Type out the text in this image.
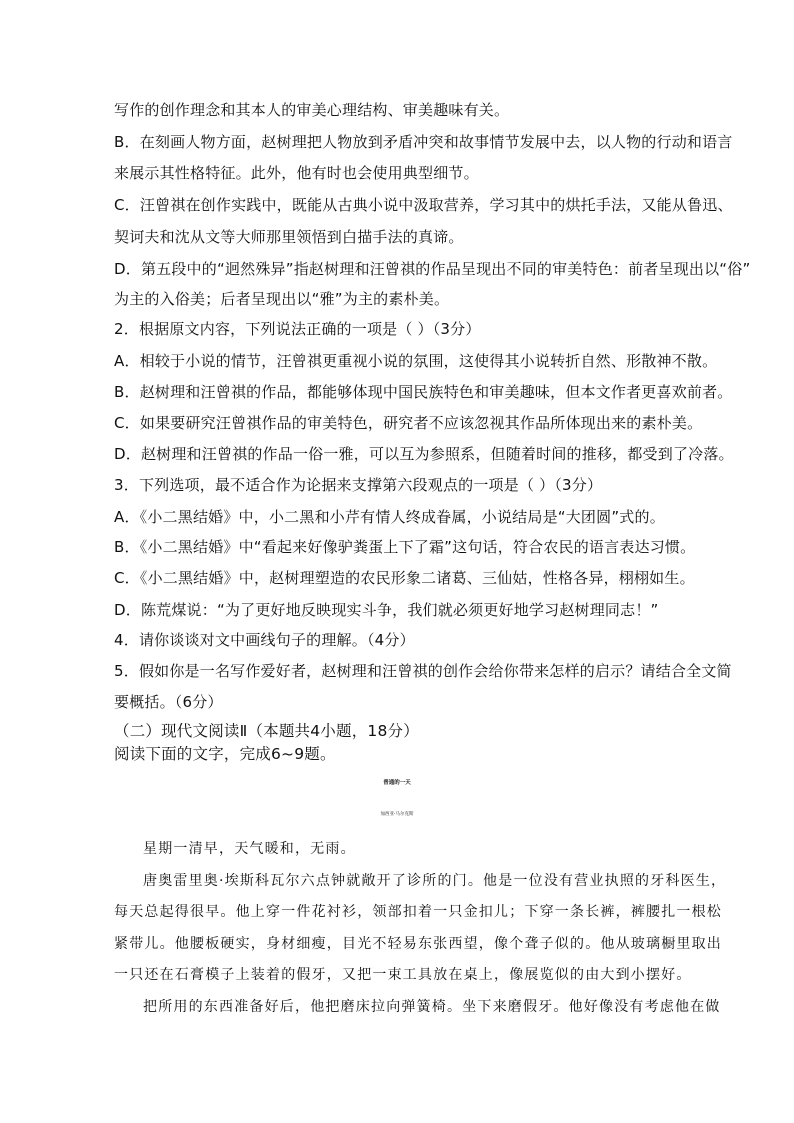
写作的创作理念和其本人的审美心理结构、审美趣味有关。
B．在刻画人物方面，赵树理把人物放到矛盾冲突和故事情节发展中去，以人物的行动和语言
来展示其性格特征。此外，他有时也会使用典型细节。
C．汪曾祺在创作实践中，既能从古典小说中汲取营养，学习其中的烘托手法，又能从鲁迅、
契诃夫和沈从文等大师那里领悟到白描手法的真谛。
D．第五段中的“迥然殊异”指赵树理和汪曾祺的作品呈现出不同的审美特色：前者呈现出以“俗”
为主的入俗美；后者呈现出以“雅”为主的素朴美。
2．根据原文内容，下列说法正确的一项是（ ）（3分）
A．相较于小说的情节，汪曾祺更重视小说的氛围，这使得其小说转折自然、形散神不散。
B．赵树理和汪曾祺的作品，都能够体现中国民族特色和审美趣味，但本文作者更喜欢前者。
C．如果要研究汪曾祺作品的审美特色，研究者不应该忽视其作品所体现出来的素朴美。
D．赵树理和汪曾祺的作品一俗一雅，可以互为参照系，但随着时间的推移，都受到了冷落。
3．下列选项，最不适合作为论据来支撑第六段观点的一项是（ ）（3分）
A．《小二黑结婚》中，小二黑和小芹有情人终成眷属，小说结局是“大团圆”式的。
B．《小二黑结婚》中“看起来好像驴粪蛋上下了霜”这句话，符合农民的语言表达习惯。
C．《小二黑结婚》中，赵树理塑造的农民形象二诸葛、三仙姑，性格各异，栩栩如生。
D．陈荒煤说：“为了更好地反映现实斗争，我们就必须更好地学习赵树理同志！”
4．请你谈谈对文中画线句子的理解。（4分）
5．假如你是一名写作爱好者，赵树理和汪曾祺的创作会给你带来怎样的启示？请结合全文简
要概括。（6分）
（二）现代文阅读Ⅱ（本题共4小题，18分）
阅读下面的文字，完成6~9题。
普通的一天
加西亚·马尔克斯
星期一清早，天气暖和，无雨。
唐奥雷里奥·埃斯科瓦尔六点钟就敞开了诊所的门。他是一位没有营业执照的牙科医生，
每天总起得很早。他上穿一件花衬衫，领部扣着一只金扣儿；下穿一条长裤，裤腰扎一根松
紧带儿。他腰板硬实，身材细瘦，目光不轻易东张西望，像个聋子似的。他从玻璃橱里取出
一只还在石膏模子上装着的假牙，又把一束工具放在桌上，像展览似的由大到小摆好。
把所用的东西准备好后，他把磨床拉向弹簧椅。坐下来磨假牙。他好像没有考虑他在做
